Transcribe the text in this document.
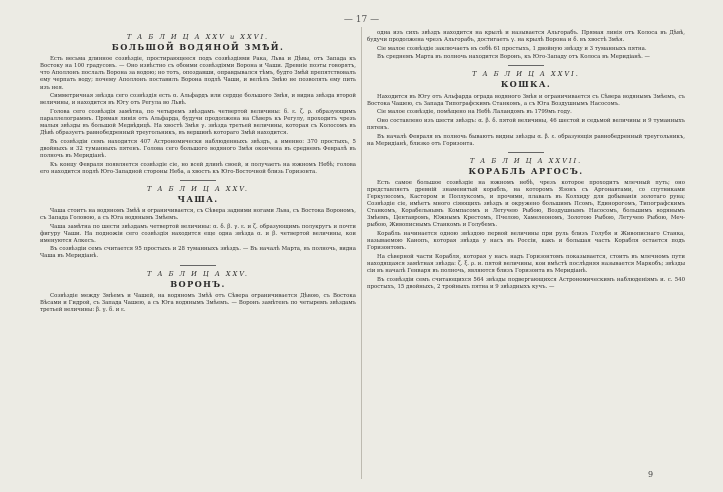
— 17 —
Т А Б Л И Ц А XXV и XXVI.
БОЛЬШОЙ ВОДЯНОЙ ЗМѢЙ.

Есть весьма длинное созвѣздіе, простирающееся подъ созвѣздіями Рака, Льва и Дѣвы, отъ Запада къ Востоку на 100 градусовъ. — Оно извѣстно съ обоими созвѣздіями Ворона и Чаши. Древніе поэты говорятъ, что Аполлонъ послалъ Ворона за водою; но тотъ, опоздавши, оправдывался тѣмъ, будто Змѣй препятствовалъ ему черпать воду; почему Аполлонъ поставилъ Ворона подлѣ Чаши, и велѣлъ Змѣю не позволять ему пить изъ нея.

Симметричная звѣзда сего созвѣздія есть α. Альфардъ или сердце большого Змѣя, и видна звѣзда второй величины, и находится въ Югу отъ Регула во Львѣ.

Голова сего созвѣздія замѣтна, по четыремъ звѣздамъ четвертой величины: δ. ε. ζ. ρ. образующимъ параллелограммъ. Прямая линія отъ Альфарда, будучи продолжена на Сѣверъ къ Регулу, проходитъ чрезъ малыя звѣзды въ большой Медвѣдицѣ. На хвостѣ Змѣя γ. звѣзда третьей величины, которая съ Колосомъ въ Дѣвѣ образуетъ равнобедренный треугольникъ, въ вершинѣ котораго Змѣй находится.

Въ созвѣздіи семъ находится 407 Астрономически наблюденныхъ звѣздъ, а именно: 370 простыхъ, 5 двойныхъ и 32 туманныхъ пятенъ. Голова сего большого водяного Змѣя окончена въ среднемъ Февралѣ въ полночь въ Меридіанѣ.

Къ концу Февраля появляется созвѣздіе сіе, но всей длинѣ своей, и получаетъ на южномъ Небѣ; голова его находится подлѣ Юго-Западной стороны Неба, а хвостъ къ Юго-Восточной близь Горизонта.

Т А Б Л И Ц А XXV.
ЧАША.

Чаша стоитъ на водяномъ Змѣѣ и ограничивается, съ Сѣвера задними ногами Льва, съ Востока Ворономъ, съ Запада Головою, а съ Юга водянымъ Змѣемъ.

Чаша замѣтна по шести звѣздамъ четвертой величины: α. δ. β. γ. ε. и ζ. образующимъ полукругъ и почти фигуру Чаши. На подножіи сего созвѣздія находится еще одна звѣзда α. и β. четвертой величины, кои именуются Алкесъ.

Въ созвѣздіи семъ считается 95 простыхъ и 28 туманныхъ звѣздъ. — Въ началѣ Марта, въ полночь, видна Чаша въ Меридіанѣ.

Т А Б Л И Ц А XXV.
ВОРОНЪ.

Созвѣздіе между Змѣемъ и Чашей, на водяномъ Змѣѣ отъ Сѣвера ограничивается Дѣвою, съ Востока Вѣсами и Гидрой, съ Запада Чашею, а съ Юга водянымъ Змѣемъ. — Воронъ замѣтенъ по четыремъ звѣздамъ третьей величины: β. γ. δ. и ε.

одна изъ сихъ звѣздъ находится на крылѣ и называется Альгорабъ. Прямая линія отъ Колоса въ Дѣвѣ, будучи продолжена чрезъ Альгорабъ, достигаетъ γ. на крылѣ Ворона и δ. въ хвостѣ Змѣя.

Сіе малое созвѣздіе заключаетъ въ себѣ 61 простыхъ, 1 двойную звѣзду и 3 туманныхъ пятна.

Въ среднемъ Марта въ полночь находится Воронъ, къ Юго-Западу отъ Колоса въ Меридіанѣ. —

Т А Б Л И Ц А XXVI.
КОШКА.

Находится въ Югу отъ Альфарда ограда водяного Змѣя и ограничивается съ Сѣвера водянымъ Змѣемъ, съ Востока Чашею, съ Запада Типографскимъ Станкомъ, а съ Юга Воздушнымъ Насосомъ.

Сіе малое созвѣздіе, помѣщено на Небѣ Лаландомъ въ 1799мъ году.

Оно составлено изъ шести звѣздъ: α. β. δ. пятой величины, 46 шестой и седьмой величины и 9 туманныхъ пятенъ.

Въ началѣ Февраля въ полночь бываютъ видны звѣзды α. β. ε. образующія равнобедренный треугольникъ, на Меридіанѣ, близко отъ Горизонта.

Т А Б Л И Ц А XXVII.
КОРАБЛЬ АРГОСЪ.

Есть самое большое созвѣздіе на южномъ небѣ, чрезъ которое проходитъ млечный путь; оно представляетъ древній знаменитый корабль, на которомъ Язонъ съ Аргонавтами, со спутниками Геркулесомъ, Кастором и Поллуксомъ, и прочими, плавалъ въ Колхиду для добыванія золотаго руна; Созвѣздіе сіе, имѣетъ много сіяющихъ звѣздъ и окружено большимъ Псомъ, Единорогомъ, Типографскимъ Станкомъ, Корабельнымъ Компасомъ и Летучею Рыбою, Воздушнымъ Насосомъ, большимъ водянымъ Змѣемъ, Центавромъ, Южнымъ Крестомъ, Пчелою, Хамелеономъ, Золотою Рыбою, Летучею Рыбою, Меч-рыбою, Живописнымъ Станкомъ и Голубемъ.

Корабль начинается одною звѣздою первой величины при руль близъ Голубя и Живописнаго Станка, называемою Канопъ, которая звѣзда у насъ въ Россіи, какъ и большая часть Корабля остается подъ Горизонтомъ.

На сѣверной части Корабля, которая у насъ надъ Горизонтомъ показывается, стоитъ въ млечномъ пути находящаяся замѣтная звѣзда: ζ. ξ. ρ. и. пятой величины, кои вмѣстѣ послѣдняя называется Маркобъ; звѣзды сіи въ началѣ Генваря въ полночь, являются близъ Горизонта въ Меридіанѣ.

Въ созвѣздіи семъ считающихся 564 звѣзды подвергающихся Астрономическимъ наблюденіямъ и. с. 540 простыхъ, 15 двойныхъ, 2 тройныхъ пятна и 9 звѣздныхъ кучъ. —

9
